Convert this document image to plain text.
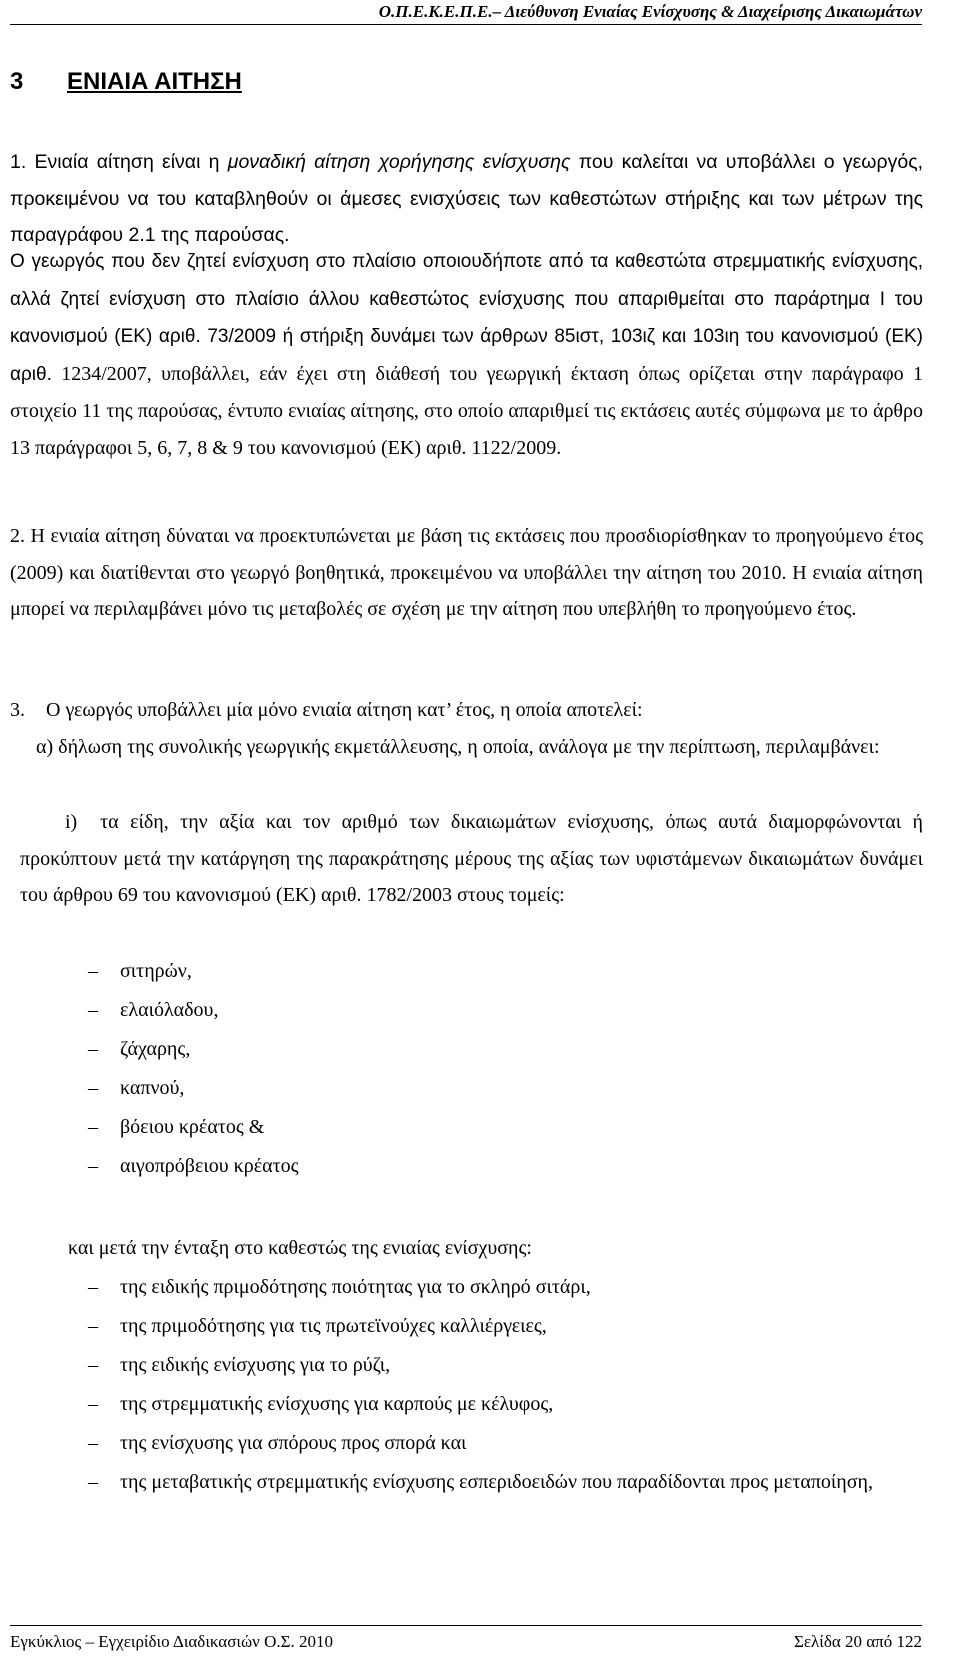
Ο.Π.Ε.Κ.Ε.Π.Ε.– Διεύθυνση Ενιαίας Ενίσχυσης & Διαχείρισης Δικαιωμάτων
3 ΕΝΙΑΙΑ ΑΙΤΗΣΗ

1. Ενιαία αίτηση είναι η μοναδική αίτηση χορήγησης ενίσχυσης που καλείται να υποβάλλει ο γεωργός, προκειμένου να του καταβληθούν οι άμεσες ενισχύσεις των καθεστώτων στήριξης και των μέτρων της παραγράφου 2.1 της παρούσας.

Ο γεωργός που δεν ζητεί ενίσχυση στο πλαίσιο οποιουδήποτε από τα καθεστώτα στρεμματικής ενίσχυσης, αλλά ζητεί ενίσχυση στο πλαίσιο άλλου καθεστώτος ενίσχυσης που απαριθμείται στο παράρτημα Ι του κανονισμού (ΕΚ) αριθ. 73/2009 ή στήριξη δυνάμει των άρθρων 85ιστ, 103ιζ και 103ιη του κανονισμού (ΕΚ) αριθ. 1234/2007, υποβάλλει, εάν έχει στη διάθεσή του γεωργική έκταση όπως ορίζεται στην παράγραφο 1 στοιχείο 11 της παρούσας, έντυπο ενιαίας αίτησης, στο οποίο απαριθμεί τις εκτάσεις αυτές σύμφωνα με το άρθρο 13 παράγραφοι 5, 6, 7, 8 & 9 του κανονισμού (ΕΚ) αριθ. 1122/2009.

2. Η ενιαία αίτηση δύναται να προεκτυπώνεται με βάση τις εκτάσεις που προσδιορίσθηκαν το προηγούμενο έτος (2009) και διατίθενται στο γεωργό βοηθητικά, προκειμένου να υποβάλλει την αίτηση του 2010. Η ενιαία αίτηση μπορεί να περιλαμβάνει μόνο τις μεταβολές σε σχέση με την αίτηση που υπεβλήθη το προηγούμενο έτος.

3. Ο γεωργός υποβάλλει μία μόνο ενιαία αίτηση κατ’ έτος, η οποία αποτελεί:

α) δήλωση της συνολικής γεωργικής εκμετάλλευσης, η οποία, ανάλογα με την περίπτωση, περιλαμβάνει:

i) τα είδη, την αξία και τον αριθμό των δικαιωμάτων ενίσχυσης, όπως αυτά διαμορφώνονται ή προκύπτουν μετά την κατάργηση της παρακράτησης μέρους της αξίας των υφιστάμενων δικαιωμάτων δυνάμει του άρθρου 69 του κανονισμού (ΕΚ) αριθ. 1782/2003 στους τομείς:

– σιτηρών,
– ελαιόλαδου,
– ζάχαρης,
– καπνού,
– βόειου κρέατος &
– αιγοπρόβειου κρέατος

και μετά την ένταξη στο καθεστώς της ενιαίας ενίσχυσης:

– της ειδικής πριμοδότησης ποιότητας για το σκληρό σιτάρι,
– της πριμοδότησης για τις πρωτεϊνούχες καλλιέργειες,
– της ειδικής ενίσχυσης για το ρύζι,
– της στρεμματικής ενίσχυσης για καρπούς με κέλυφος,
– της ενίσχυσης για σπόρους προς σπορά και
– της μεταβατικής στρεμματικής ενίσχυσης εσπεριδοειδών που παραδίδονται προς μεταποίηση,
Εγκύκλιος – Εγχειρίδιο Διαδικασιών Ο.Σ. 2010	Σελίδα 20 από 122
